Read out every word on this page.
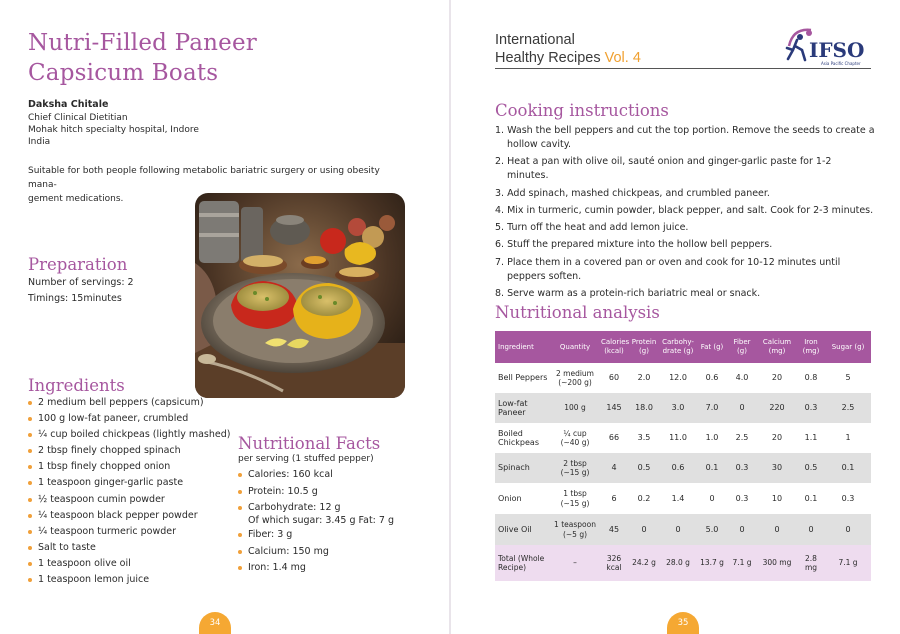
Nutri-Filled Paneer
Capsicum Boats
Daksha Chitale
Chief Clinical Dietitian
Mohak hitch specialty hospital, Indore
India
Suitable for both people following metabolic bariatric surgery or using obesity mana-
gement medications.
Preparation
Number of servings: 2
Timings: 15minutes
Ingredients
2 medium bell peppers (capsicum)
100 g low-fat paneer, crumbled
¼ cup boiled chickpeas (lightly mashed)
2 tbsp finely chopped spinach
1 tbsp finely chopped onion
1 teaspoon ginger-garlic paste
½ teaspoon cumin powder
¼ teaspoon black pepper powder
¼ teaspoon turmeric powder
Salt to taste
1 teaspoon olive oil
1 teaspoon lemon juice
Nutritional Facts
per serving (1 stuffed pepper)
Calories: 160 kcal
Protein: 10.5 g
Carbohydrate: 12 g
Of which sugar: 3.45 g Fat: 7 g
Fiber: 3 g
Calcium: 150 mg
Iron: 1.4 mg
34
International
Healthy Recipes Vol. 4	IFSO
Asia Pacific Chapter
Cooking instructions
1. Wash the bell peppers and cut the top portion. Remove the seeds to create a hollow cavity.
2. Heat a pan with olive oil, sauté onion and ginger-garlic paste for 1-2 minutes.
3. Add spinach, mashed chickpeas, and crumbled paneer.
4. Mix in turmeric, cumin powder, black pepper, and salt. Cook for 2-3 minutes.
5. Turn off the heat and add lemon juice.
6. Stuff the prepared mixture into the hollow bell peppers.
7. Place them in a covered pan or oven and cook for 10-12 minutes until peppers soften.
8. Serve warm as a protein-rich bariatric meal or snack.
Nutritional analysis
Ingredient	Quantity	Calories (kcal)	Protein (g)	Carbohy-drate (g)	Fat (g)	Fiber (g)	Calcium (mg)	Iron (mg)	Sugar (g)
Bell Peppers	2 medium (~200 g)	60	2.0	12.0	0.6	4.0	20	0.8	5
Low-fat Paneer	100 g	145	18.0	3.0	7.0	0	220	0.3	2.5
Boiled Chickpeas	¼ cup (~40 g)	66	3.5	11.0	1.0	2.5	20	1.1	1
Spinach	2 tbsp (~15 g)	4	0.5	0.6	0.1	0.3	30	0.5	0.1
Onion	1 tbsp (~15 g)	6	0.2	1.4	0	0.3	10	0.1	0.3
Olive Oil	1 teaspoon (~5 g)	45	0	0	5.0	0	0	0	0
Total (Whole Recipe)	–	326 kcal	24.2 g	28.0 g	13.7 g	7.1 g	300 mg	2.8 mg	7.1 g
35
